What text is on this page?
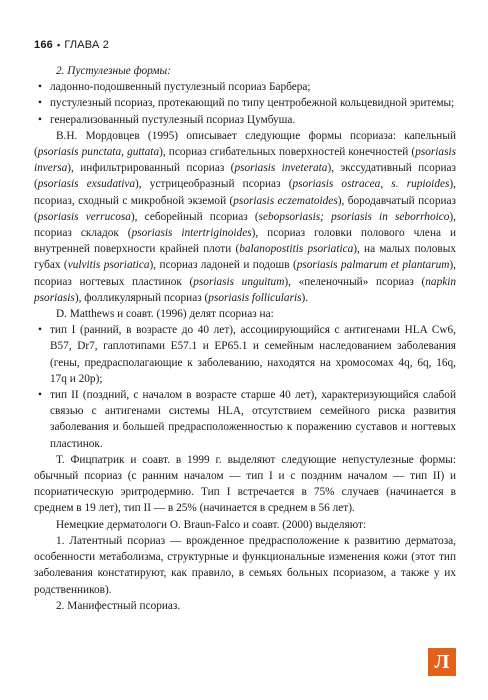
166 • ГЛАВА 2

2. Пустулезные формы:

• ладонно-подошвенный пустулезный псориаз Барбера;
• пустулезный псориаз, протекающий по типу центробежной кольцевидной эритемы;
• генерализованный пустулезный псориаз Цумбуша.

В.Н. Мордовцев (1995) описывает следующие формы псориаза: капельный (psoriasis punctata, guttata), псориаз сгибательных поверхностей конечностей (psoriasis inversa), инфильтрированный псориаз (psoriasis inveterata), экссудативный псориаз (psoriasis exsudativa), устрицеобразный псориаз (psoriasis ostracea, s. rupioides), псориаз, сходный с микробной экземой (psoriasis eczematoides), бородавчатый псориаз (psoriasis verrucosa), себорейный псориаз (sebopsoriasis; psoriasis in seborrhoico), псориаз складок (psoriasis intertriginoides), псориаз головки полового члена и внутренней поверхности крайней плоти (balanopostitis psoriatica), на малых половых губах (vulvitis psoriatica), псориаз ладоней и подошв (psoriasis palmarum et plantarum), псориаз ногтевых пластинок (psoriasis unguitum), «пеленочный» псориаз (napkin psoriasis), фолликулярный псориаз (psoriasis follicularis).

D. Matthews и соавт. (1996) делят псориаз на:

• тип I (ранний, в возрасте до 40 лет), ассоциирующийся с антигенами HLA Cw6, B57, Dr7, гаплотипами E57.1 и EP65.1 и семейным наследованием заболевания (гены, предрасполагающие к заболеванию, находятся на хромосомах 4q, 6q, 16q, 17q и 20p);
• тип II (поздний, с началом в возрасте старше 40 лет), характеризующийся слабой связью с антигенами системы HLA, отсутствием семейного риска развития заболевания и большей предрасположенностью к поражению суставов и ногтевых пластинок.

Т. Фицпатрик и соавт. в 1999 г. выделяют следующие непустулезные формы: обычный псориаз (с ранним началом — тип I и с поздним началом — тип II) и псориатическую эритродермию. Тип I встречается в 75% случаев (начинается в среднем в 19 лет), тип II — в 25% (начинается в среднем в 56 лет).

Немецкие дерматологи O. Braun-Falco и соавт. (2000) выделяют:

1. Латентный псориаз — врожденное предрасположение к развитию дерматоза, особенности метаболизма, структурные и функциональные изменения кожи (этот тип заболевания констатируют, как правило, в семьях больных псориазом, а также у их родственников).

2. Манифестный псориаз.

Л
